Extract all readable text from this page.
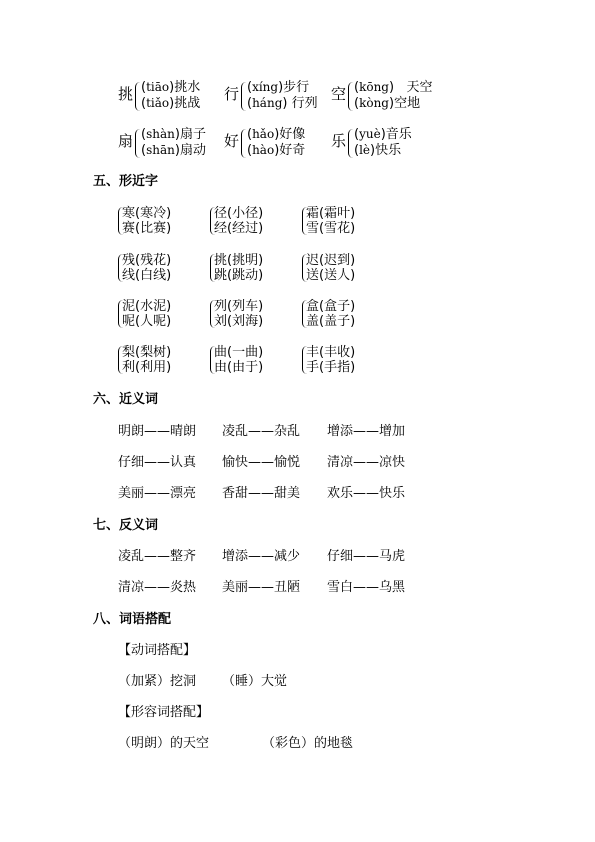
挑 (tiāo)挑水
(tiǎo)挑战
行 (xíng)步行
(háng) 行列
空 (kōng)   天空
(kòng)空地
扇 (shàn)扇子
(shān)扇动
好 (hǎo)好像
(hào)好奇
乐 (yuè)音乐
(lè)快乐
五、形近字
寒(寒冷)
赛(比赛)
径(小径)
经(经过)
霜(霜叶)
雪(雪花)
残(残花)
线(白线)
挑(挑明)
跳(跳动)
迟(迟到)
送(送人)
泥(水泥)
呢(人呢)
列(列车)
刘(刘海)
盒(盒子)
盖(盖子)
梨(梨树)
利(利用)
曲(一曲)
由(由于)
丰(丰收)
手(手指)
六、近义词
明朗——晴朗 凌乱——杂乱 增添——增加
仔细——认真 愉快——愉悦 清凉——凉快
美丽——漂亮 香甜——甜美 欢乐——快乐
七、反义词
凌乱——整齐 增添——减少 仔细——马虎
清凉——炎热 美丽——丑陋 雪白——乌黑
八、词语搭配
【动词搭配】
（加紧）挖洞 （睡）大觉
【形容词搭配】
（明朗）的天空	（彩色）的地毯
